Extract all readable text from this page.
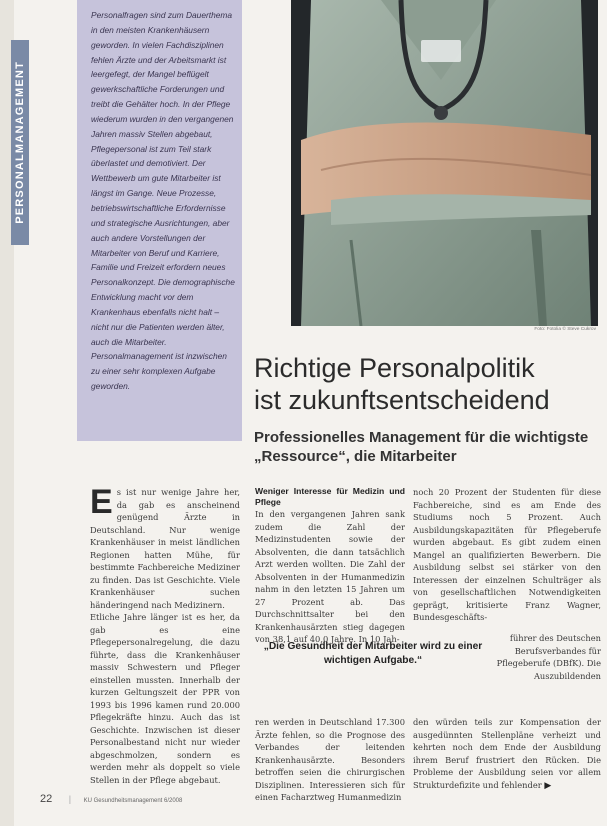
PERSONALMANAGEMENT
Personalfragen sind zum Dauerthema in den meisten Krankenhäusern geworden. In vielen Fachdisziplinen fehlen Ärzte und der Arbeitsmarkt ist leergefegt, der Mangel beflügelt gewerkschaftliche Forderungen und treibt die Gehälter hoch. In der Pflege wiederum wurden in den vergangenen Jahren massiv Stellen abgebaut, Pflegepersonal ist zum Teil stark überlastet und demotiviert. Der Wettbewerb um gute Mitarbeiter ist längst im Gange. Neue Prozesse, betriebswirtschaftliche Erfordernisse und strategische Ausrichtungen, aber auch andere Vorstellungen der Mitarbeiter von Beruf und Karriere, Familie und Freizeit erfordern neues Personalkonzept. Die demographische Entwicklung macht vor dem Krankenhaus ebenfalls nicht halt – nicht nur die Patienten werden älter, auch die Mitarbeiter. Personalmanagement ist inzwischen zu einer sehr komplexen Aufgabe geworden.
Foto: Fotolia © Steve Cukrov
Richtige Personalpolitik
ist zukunftsentscheidend
Professionelles Management für die wichtigste „Ressource“, die Mitarbeiter

E s ist nur wenige Jahre her, da gab es anscheinend genügend Ärzte in Deutschland. Nur wenige Krankenhäuser in meist ländlichen Regionen hatten Mühe, für bestimmte Fachbereiche Mediziner zu finden. Das ist Geschichte. Viele Krankenhäuser suchen händeringend nach Medizinern.

Etliche Jahre länger ist es her, da gab es eine Pflegepersonalregelung, die dazu führte, dass die Krankenhäuser massiv Schwestern und Pfleger einstellen mussten. Innerhalb der kurzen Geltungszeit der PPR von 1993 bis 1996 kamen rund 20.000 Pflegekräfte hinzu. Auch das ist Geschichte. Inzwischen ist dieser Personalbestand nicht nur wieder abgeschmolzen, sondern es werden mehr als doppelt so viele Stellen in der Pflege abgebaut.

Weniger Interesse für Medizin und Pflege

In den vergangenen Jahren sank zudem die Zahl der Medizinstudenten sowie der Absolventen, die dann tatsächlich Arzt werden wollten. Die Zahl der Absolventen in der Humanmedizin nahm in den letzten 15 Jahren um 27 Prozent ab. Das Durchschnittsalter bei den Krankenhausärzten stieg dagegen von 38,1 auf 40,0 Jahre. In 10 Jah-

„Die Gesundheit der Mitarbeiter wird zu einer wichtigen Aufgabe.“
ren werden in Deutschland 17.300 Ärzte fehlen, so die Prognose des Verbandes der leitenden Krankenhausärzte. Besonders betroffen seien die chirurgischen Disziplinen. Interessieren sich für einen Facharztweg Humanmedizin

noch 20 Prozent der Studenten für diese Fachbereiche, sind es am Ende des Studiums noch 5 Prozent. Auch Ausbildungskapazitäten für Pflegeberufe wurden abgebaut. Es gibt zudem einen Mangel an qualifizierten Bewerbern. Die Ausbildung selbst sei stärker von den Interessen der einzelnen Schulträger als von gesellschaftlichen Notwendigkeiten geprägt, kritisierte Franz Wagner, Bundesgeschäfts-

führer des Deutschen Berufsverbandes für Pflegeberufe (DBfK). Die Auszubildenden
den würden teils zur Kompensation der ausgedünnten Stellenpläne verheizt und kehrten noch dem Ende der Ausbildung ihrem Beruf frustriert den Rücken. Die Probleme der Ausbildung seien vor allem Strukturdefizite und fehlender ▶
22 | KU Gesundheitsmanagement 6/2008
